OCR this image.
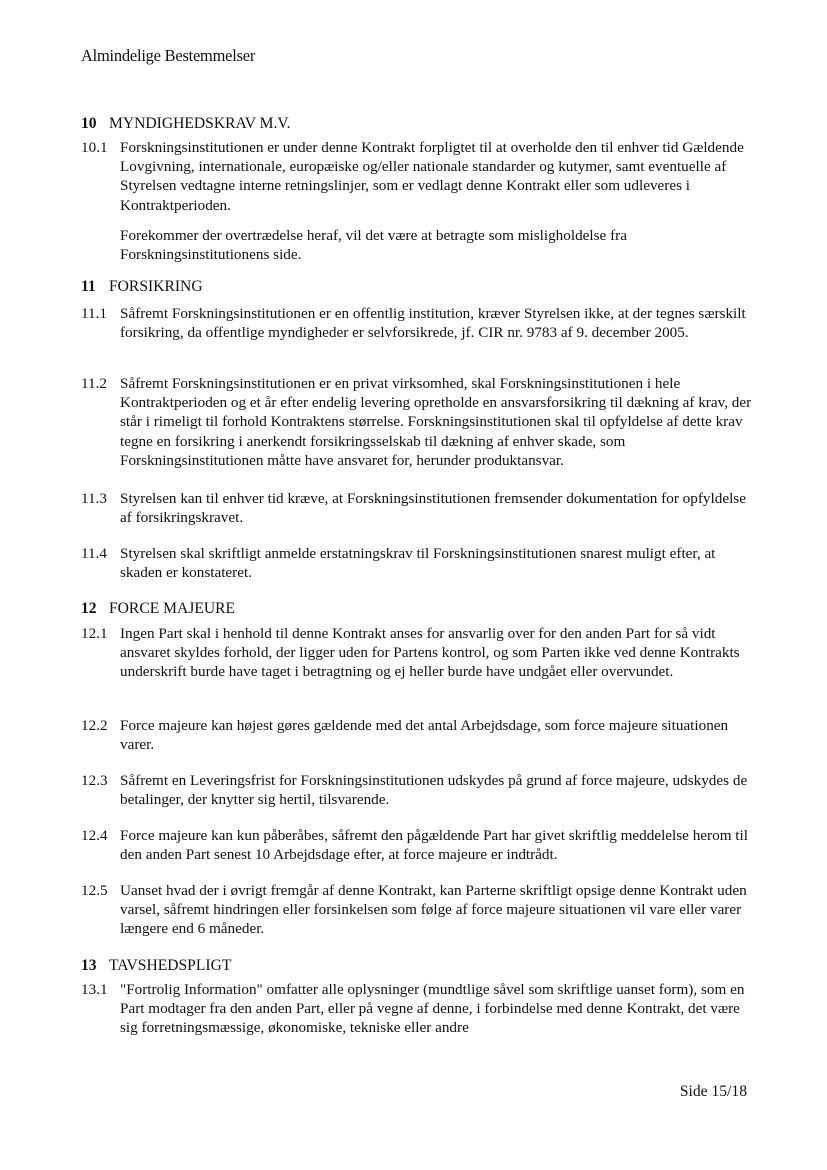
Almindelige Bestemmelser
10 MYNDIGHEDSKRAV M.V.
10.1 Forskningsinstitutionen er under denne Kontrakt forpligtet til at overholde den til enhver tid Gældende Lovgivning, internationale, europæiske og/eller nationale standarder og kutymer, samt eventuelle af Styrelsen vedtagne interne retningslinjer, som er vedlagt denne Kontrakt eller som udleveres i Kontraktperioden.
Forekommer der overtrædelse heraf, vil det være at betragte som misligholdelse fra Forskningsinstitutionens side.
11 FORSIKRING
11.1 Såfremt Forskningsinstitutionen er en offentlig institution, kræver Styrelsen ikke, at der tegnes særskilt forsikring, da offentlige myndigheder er selvforsikrede, jf. CIR nr. 9783 af 9. december 2005.
11.2 Såfremt Forskningsinstitutionen er en privat virksomhed, skal Forskningsinstitutionen i hele Kontraktperioden og et år efter endelig levering opretholde en ansvarsforsikring til dækning af krav, der står i rimeligt til forhold Kontraktens størrelse. Forskningsinstitutionen skal til opfyldelse af dette krav tegne en forsikring i anerkendt forsikringsselskab til dækning af enhver skade, som Forskningsinstitutionen måtte have ansvaret for, herunder produktansvar.
11.3 Styrelsen kan til enhver tid kræve, at Forskningsinstitutionen fremsender dokumentation for opfyldelse af forsikringskravet.
11.4 Styrelsen skal skriftligt anmelde erstatningskrav til Forskningsinstitutionen snarest muligt efter, at skaden er konstateret.
12 FORCE MAJEURE
12.1 Ingen Part skal i henhold til denne Kontrakt anses for ansvarlig over for den anden Part for så vidt ansvaret skyldes forhold, der ligger uden for Partens kontrol, og som Parten ikke ved denne Kontrakts underskrift burde have taget i betragtning og ej heller burde have undgået eller overvundet.
12.2 Force majeure kan højest gøres gældende med det antal Arbejdsdage, som force majeure situationen varer.
12.3 Såfremt en Leveringsfrist for Forskningsinstitutionen udskydes på grund af force majeure, udskydes de betalinger, der knytter sig hertil, tilsvarende.
12.4 Force majeure kan kun påberåbes, såfremt den pågældende Part har givet skriftlig meddelelse herom til den anden Part senest 10 Arbejdsdage efter, at force majeure er indtrådt.
12.5 Uanset hvad der i øvrigt fremgår af denne Kontrakt, kan Parterne skriftligt opsige denne Kontrakt uden varsel, såfremt hindringen eller forsinkelsen som følge af force majeure situationen vil vare eller varer længere end 6 måneder.
13 TAVSHEDSPLIGT
13.1 "Fortrolig Information" omfatter alle oplysninger (mundtlige såvel som skriftlige uanset form), som en Part modtager fra den anden Part, eller på vegne af denne, i forbindelse med denne Kontrakt, det være sig forretningsmæssige, økonomiske, tekniske eller andre
Side 15/18
